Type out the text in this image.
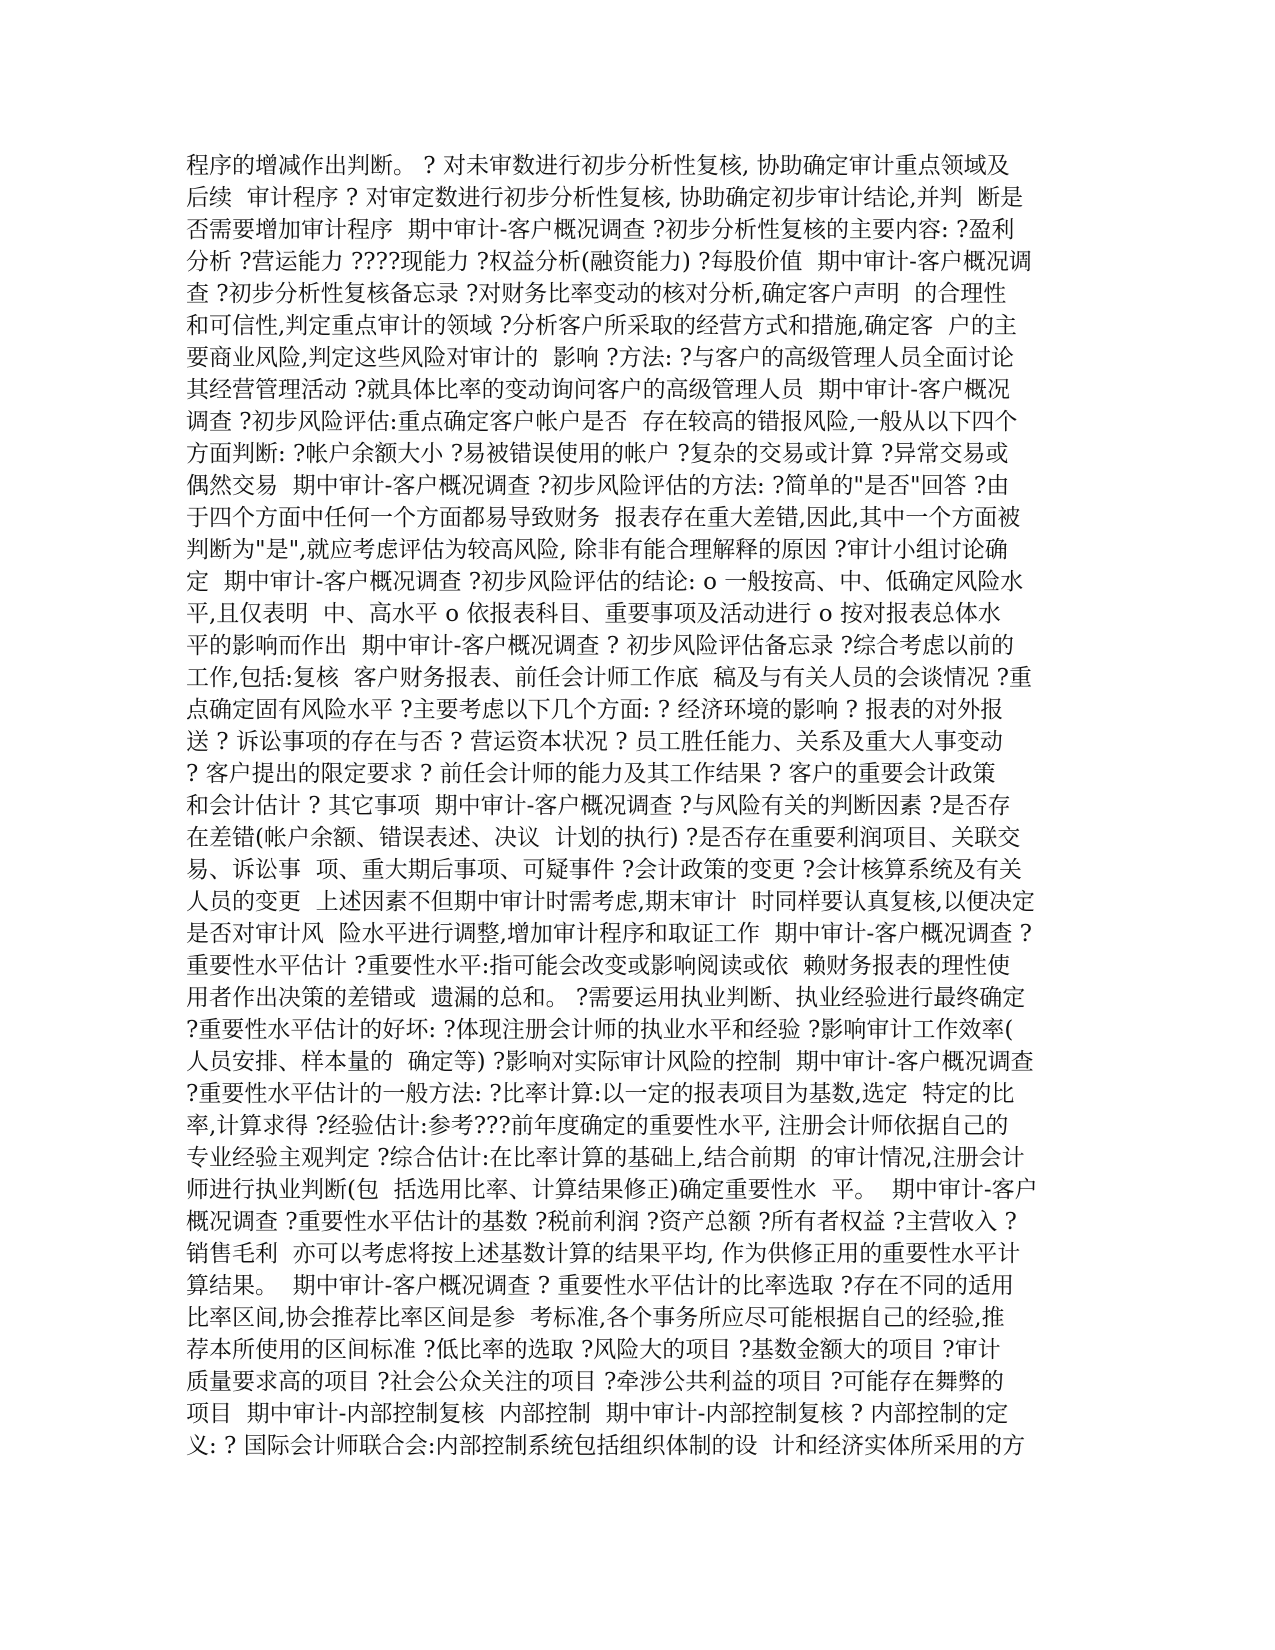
程序的增减作出判断。 ? 对未审数进行初步分析性复核, 协助确定审计重点领域及
后续  审计程序 ? 对审定数进行初步分析性复核, 协助确定初步审计结论,并判  断是
否需要增加审计程序  期中审计-客户概况调查 ?初步分析性复核的主要内容: ?盈利
分析 ?营运能力 ????现能力 ?权益分析(融资能力) ?每股价值  期中审计-客户概况调
查 ?初步分析性复核备忘录 ?对财务比率变动的核对分析,确定客户声明  的合理性
和可信性,判定重点审计的领域 ?分析客户所采取的经营方式和措施,确定客  户的主
要商业风险,判定这些风险对审计的  影响 ?方法: ?与客户的高级管理人员全面讨论
其经营管理活动 ?就具体比率的变动询问客户的高级管理人员  期中审计-客户概况
调查 ?初步风险评估:重点确定客户帐户是否  存在较高的错报风险,一般从以下四个
方面判断: ?帐户余额大小 ?易被错误使用的帐户 ?复杂的交易或计算 ?异常交易或
偶然交易  期中审计-客户概况调查 ?初步风险评估的方法: ?简单的"是否"回答 ?由
于四个方面中任何一个方面都易导致财务  报表存在重大差错,因此,其中一个方面被
判断为"是",就应考虑评估为较高风险, 除非有能合理解释的原因 ?审计小组讨论确
定  期中审计-客户概况调查 ?初步风险评估的结论: o 一般按高、中、低确定风险水
平,且仅表明  中、高水平 o 依报表科目、重要事项及活动进行 o 按对报表总体水
平的影响而作出  期中审计-客户概况调查 ? 初步风险评估备忘录 ?综合考虑以前的
工作,包括:复核  客户财务报表、前任会计师工作底  稿及与有关人员的会谈情况 ?重
点确定固有风险水平 ?主要考虑以下几个方面: ? 经济环境的影响 ? 报表的对外报
送 ? 诉讼事项的存在与否 ? 营运资本状况 ? 员工胜任能力、关系及重大人事变动
? 客户提出的限定要求 ? 前任会计师的能力及其工作结果 ? 客户的重要会计政策
和会计估计 ? 其它事项  期中审计-客户概况调查 ?与风险有关的判断因素 ?是否存
在差错(帐户余额、错误表述、决议  计划的执行) ?是否存在重要利润项目、关联交
易、诉讼事  项、重大期后事项、可疑事件 ?会计政策的变更 ?会计核算系统及有关
人员的变更  上述因素不但期中审计时需考虑,期末审计  时同样要认真复核,以便决定
是否对审计风  险水平进行调整,增加审计程序和取证工作  期中审计-客户概况调查 ?
重要性水平估计 ?重要性水平:指可能会改变或影响阅读或依  赖财务报表的理性使
用者作出决策的差错或  遗漏的总和。 ?需要运用执业判断、执业经验进行最终确定
?重要性水平估计的好坏: ?体现注册会计师的执业水平和经验 ?影响审计工作效率(
人员安排、样本量的  确定等) ?影响对实际审计风险的控制  期中审计-客户概况调查
?重要性水平估计的一般方法: ?比率计算:以一定的报表项目为基数,选定  特定的比
率,计算求得 ?经验估计:参考???前年度确定的重要性水平, 注册会计师依据自己的
专业经验主观判定 ?综合估计:在比率计算的基础上,结合前期  的审计情况,注册会计
师进行执业判断(包  括选用比率、计算结果修正)确定重要性水  平。  期中审计-客户
概况调查 ?重要性水平估计的基数 ?税前利润 ?资产总额 ?所有者权益 ?主营收入 ?
销售毛利  亦可以考虑将按上述基数计算的结果平均, 作为供修正用的重要性水平计
算结果。  期中审计-客户概况调查 ? 重要性水平估计的比率选取 ?存在不同的适用
比率区间,协会推荐比率区间是参  考标准,各个事务所应尽可能根据自己的经验,推
荐本所使用的区间标准 ?低比率的选取 ?风险大的项目 ?基数金额大的项目 ?审计
质量要求高的项目 ?社会公众关注的项目 ?牵涉公共利益的项目 ?可能存在舞弊的
项目  期中审计-内部控制复核  内部控制  期中审计-内部控制复核 ? 内部控制的定
义: ? 国际会计师联合会:内部控制系统包括组织体制的设  计和经济实体所采用的方
